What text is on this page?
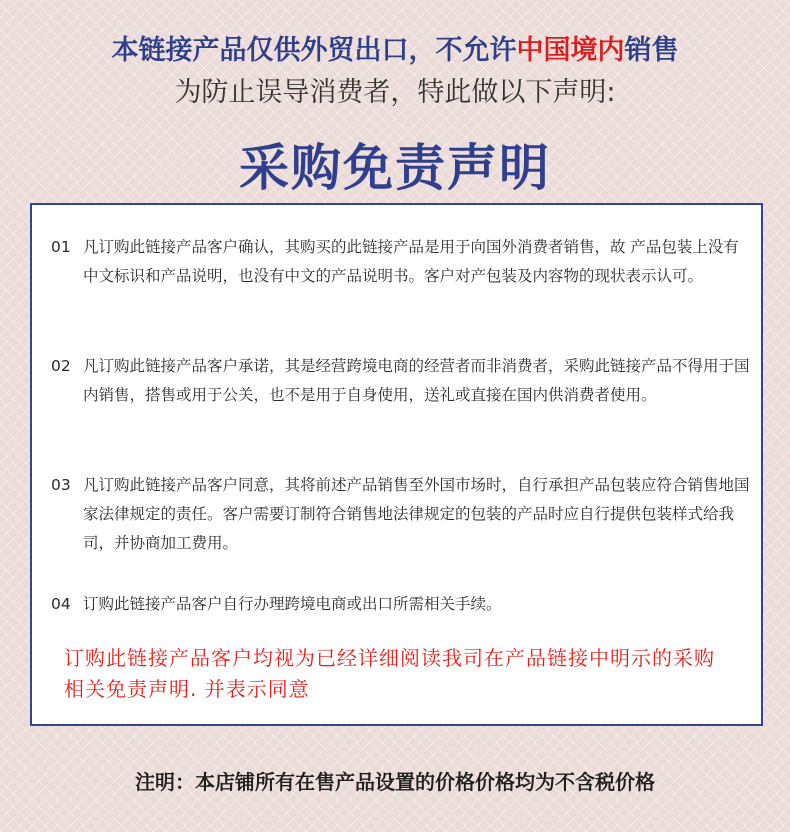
本链接产品仅供外贸出口，不允许中国境内销售
为防止误导消费者，特此做以下声明:
采购免责声明
01 凡订购此链接产品客户确认，其购买的此链接产品是用于向国外消费者销售，故 产品包装上没有中文标识和产品说明，也没有中文的产品说明书。客户对产包装及内容物的现状表示认可。
02 凡订购此链接产品客户承诺，其是经营跨境电商的经营者而非消费者，采购此链接产品不得用于国内销售，搭售或用于公关，也不是用于自身使用，送礼或直接在国内供消费者使用。
03 凡订购此链接产品客户同意，其将前述产品销售至外国市场时，自行承担产品包装应符合销售地国家法律规定的责任。客户需要订制符合销售地法律规定的包装的产品时应自行提供包装样式给我司，并协商加工费用。
04 订购此链接产品客户自行办理跨境电商或出口所需相关手续。
订购此链接产品客户均视为已经详细阅读我司在产品链接中明示的采购相关免责声明. 并表示同意
注明：本店铺所有在售产品设置的价格价格均为不含税价格
